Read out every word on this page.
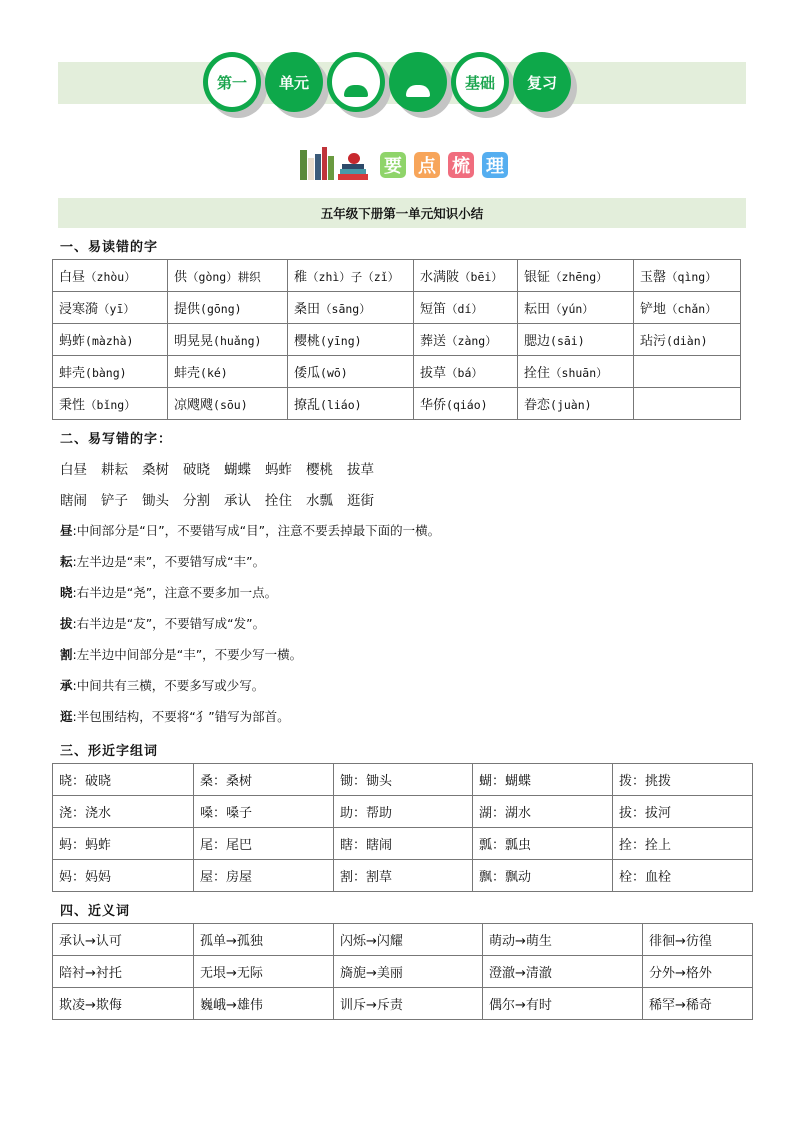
第一 单元	基础 复习
要 点 梳 理
五年级下册第一单元知识小结
一、易读错的字
白昼（zhòu）	供（gòng）耕织	稚（zhì）子（zǐ）	水满陂（bēi）	银钲（zhēng）	玉罄（qìng）
浸寒漪（yī）	提供(gōng)	桑田（sāng）	短笛（dí）	耘田（yún）	铲地（chǎn）
蚂蚱(màzhà)	明晃晃(huǎng)	樱桃(yīng)	葬送（zàng）	腮边(sāi)	玷污(diàn)
蚌壳(bàng)	蚌壳(ké)	倭瓜(wō)	拔草（bá）	拴住（shuān）	
秉性（bǐng）	凉飕飕(sōu)	撩乱(liáo)	华侨(qiáo)	眷恋(juàn)	
二、易写错的字：
白昼 耕耘 桑树 破晓 蝴蝶 蚂蚱 樱桃 拔草
瞎闹 铲子 锄头 分割 承认 拴住 水瓢 逛街
昼:中间部分是“日”，不要错写成“目”，注意不要丢掉最下面的一横。
耘:左半边是“耒”，不要错写成“丰”。
晓:右半边是“尧”，注意不要多加一点。
拔:右半边是“犮”，不要错写成“发”。
割:左半边中间部分是“丰”，不要少写一横。
承:中间共有三横，不要多写或少写。
逛:半包围结构，不要将“犭”错写为部首。
三、形近字组词
晓：破晓	桑：桑树	锄：锄头	蝴：蝴蝶	拨：挑拨
浇：浇水	嗓：嗓子	助：帮助	湖：湖水	拔：拔河
蚂：蚂蚱	尾：尾巴	瞎：瞎闹	瓢：瓢虫	拴：拴上
妈：妈妈	屋：房屋	割：割草	飘：飘动	栓：血栓
四、近义词
承认→认可	孤单→孤独	闪烁→闪耀	萌动→萌生	徘徊→彷徨
陪衬→衬托	无垠→无际	旖旎→美丽	澄澈→清澈	分外→格外
欺凌→欺侮	巍峨→雄伟	训斥→斥责	偶尔→有时	稀罕→稀奇
